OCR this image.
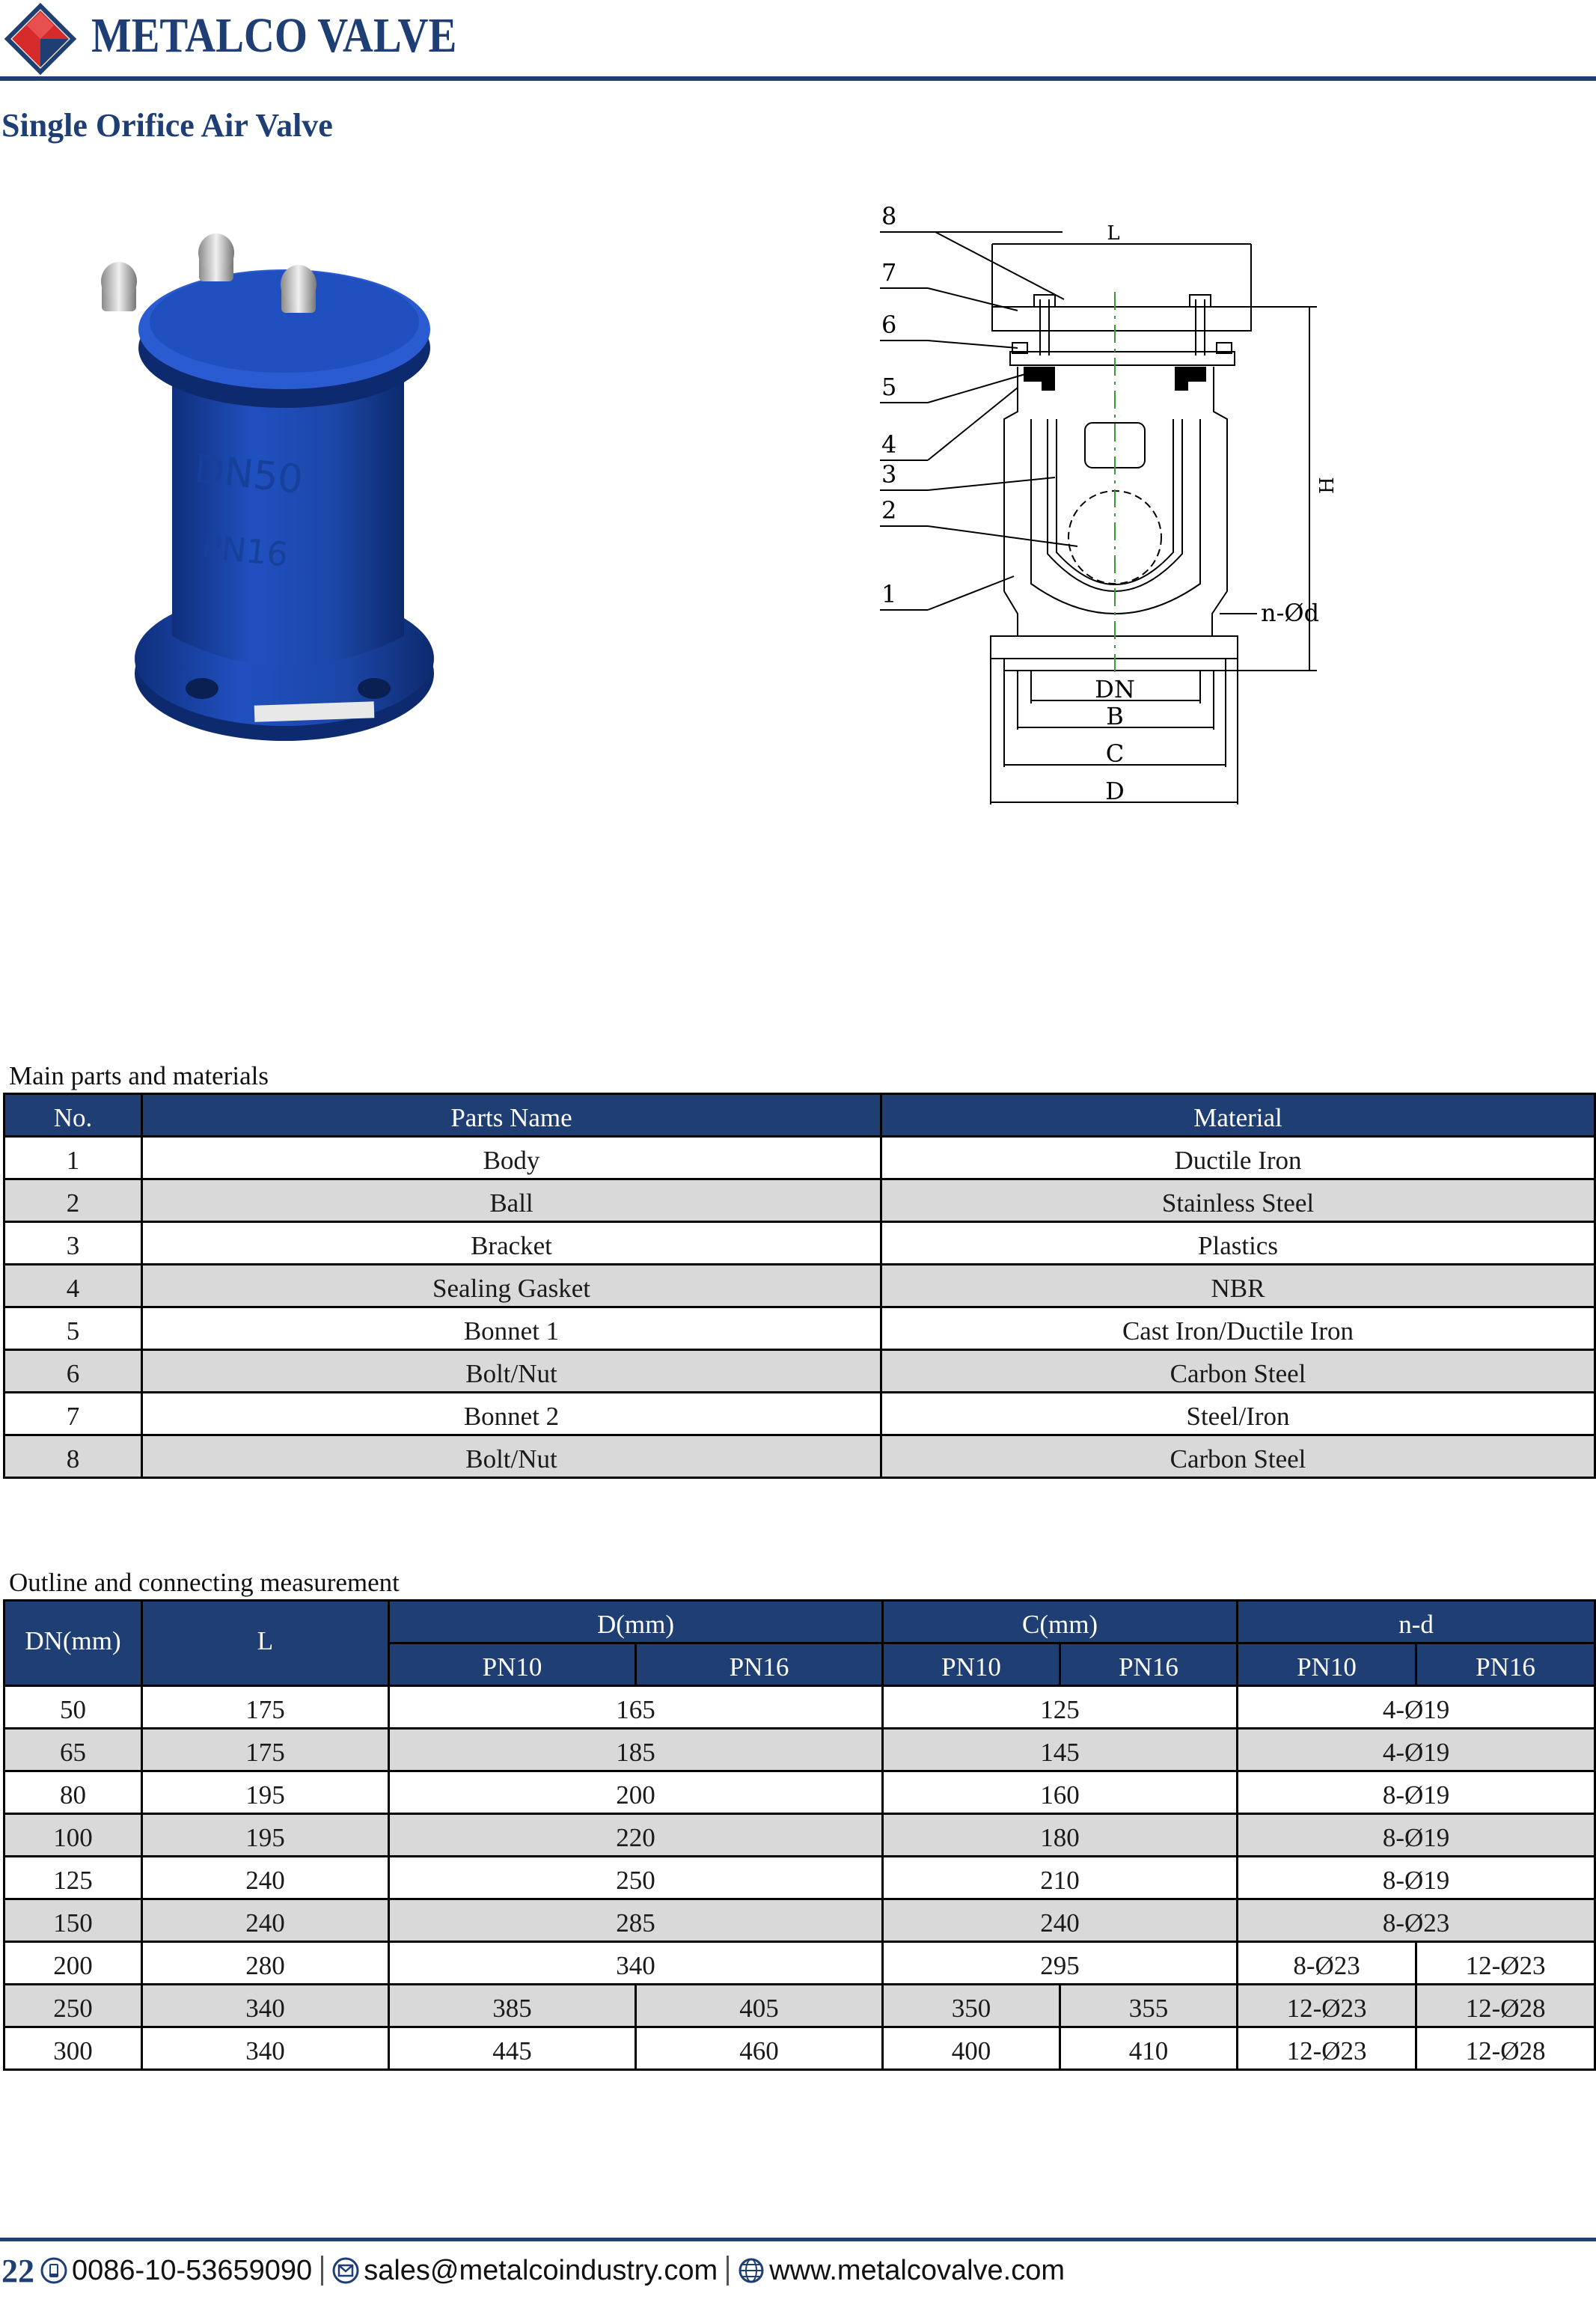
METALCO VALVE
Single Orifice Air Valve
DN50
PN16
8
7
6
5
4
3
2
1
L
H
n-Ød
DN
B
C
D
Main parts and materials
No.	Parts Name	Material
1	Body	Ductile Iron
2	Ball	Stainless Steel
3	Bracket	Plastics
4	Sealing Gasket	NBR
5	Bonnet 1	Cast Iron/Ductile Iron
6	Bolt/Nut	Carbon Steel
7	Bonnet 2	Steel/Iron
8	Bolt/Nut	Carbon Steel
Outline and connecting measurement
DN(mm)	L	D(mm)		C(mm)		n-d	
		PN10	PN16	PN10	PN16	PN10	PN16
50	175	165		125		4-Ø19	
65	175	185		145		4-Ø19	
80	195	200		160		8-Ø19	
100	195	220		180		8-Ø19	
125	240	250		210		8-Ø19	
150	240	285		240		8-Ø23	
200	280	340		295		8-Ø23	12-Ø23
250	340	385	405	350	355	12-Ø23	12-Ø28
300	340	445	460	400	410	12-Ø23	12-Ø28
22 0086-10-53659090 sales@metalcoindustry.com www.metalcovalve.com
